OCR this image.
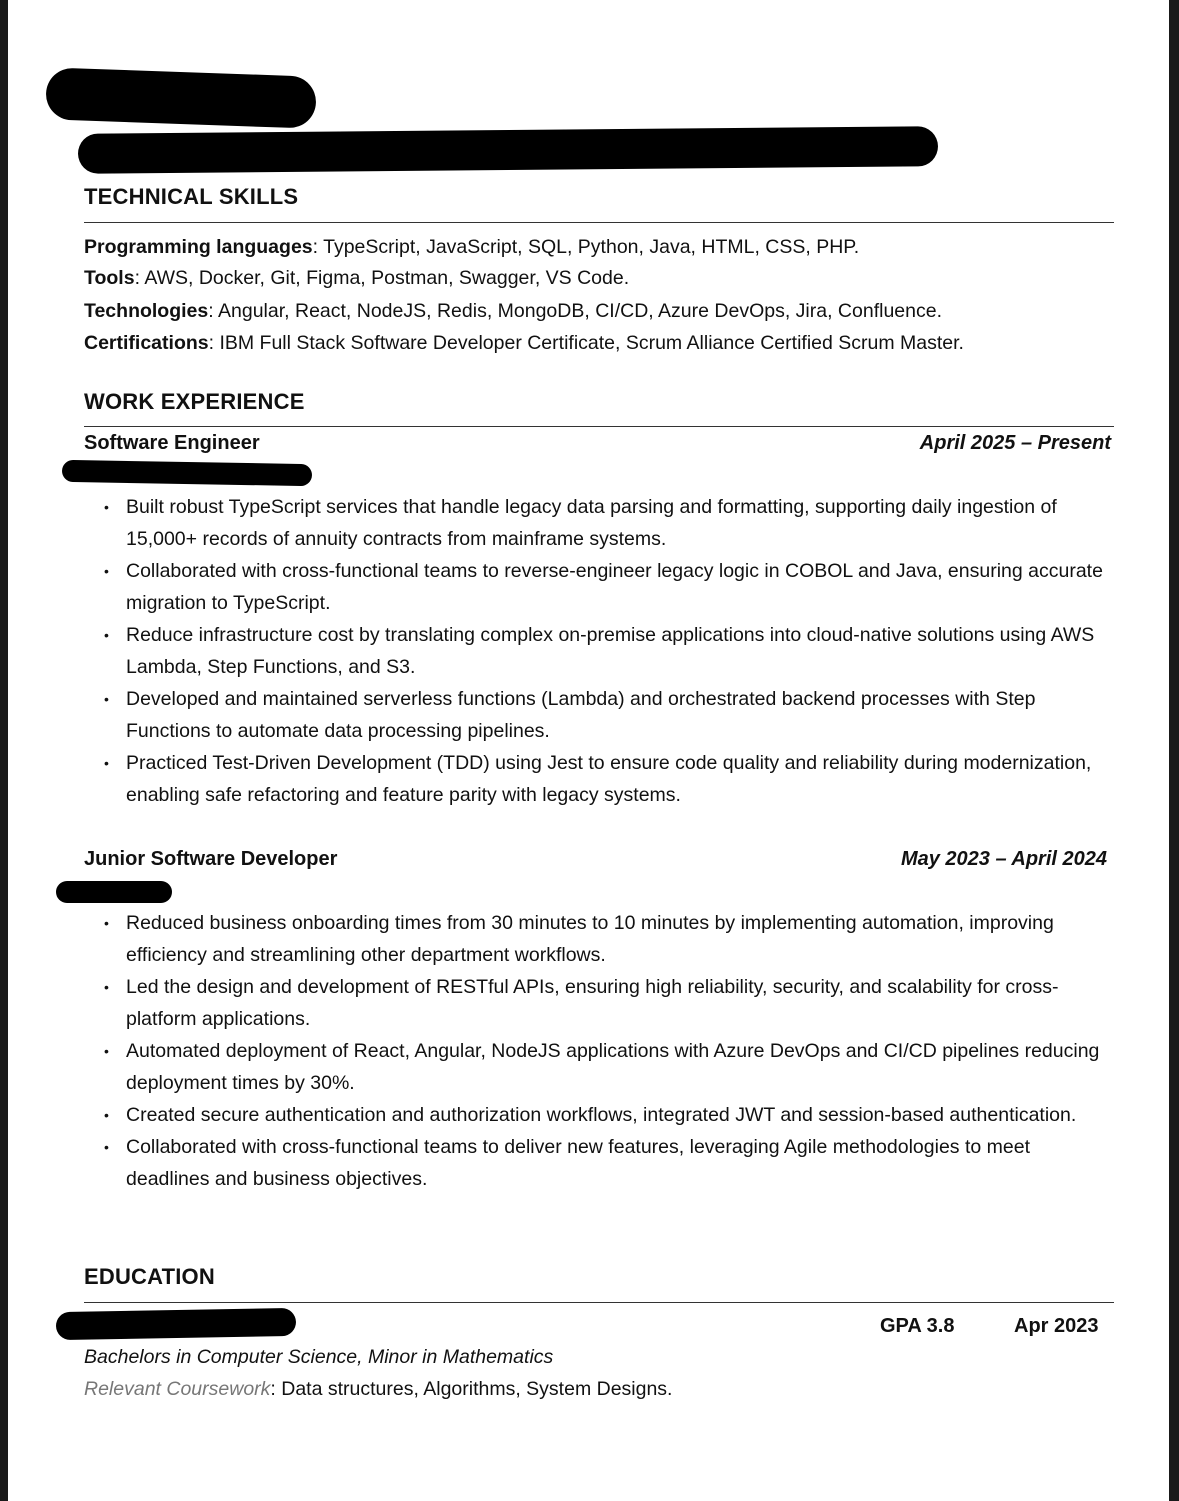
TECHNICAL SKILLS
Programming languages: TypeScript, JavaScript, SQL, Python, Java, HTML, CSS, PHP.
Tools: AWS, Docker, Git, Figma, Postman, Swagger, VS Code.
Technologies: Angular, React, NodeJS, Redis, MongoDB, CI/CD, Azure DevOps, Jira, Confluence.
Certifications: IBM Full Stack Software Developer Certificate, Scrum Alliance Certified Scrum Master.
WORK EXPERIENCE
Software Engineer	April 2025 – Present
• Built robust TypeScript services that handle legacy data parsing and formatting, supporting daily ingestion of 15,000+ records of annuity contracts from mainframe systems.
• Collaborated with cross-functional teams to reverse-engineer legacy logic in COBOL and Java, ensuring accurate migration to TypeScript.
• Reduce infrastructure cost by translating complex on-premise applications into cloud-native solutions using AWS Lambda, Step Functions, and S3.
• Developed and maintained serverless functions (Lambda) and orchestrated backend processes with Step Functions to automate data processing pipelines.
• Practiced Test-Driven Development (TDD) using Jest to ensure code quality and reliability during modernization, enabling safe refactoring and feature parity with legacy systems.
Junior Software Developer	May 2023 – April 2024
• Reduced business onboarding times from 30 minutes to 10 minutes by implementing automation, improving efficiency and streamlining other department workflows.
• Led the design and development of RESTful APIs, ensuring high reliability, security, and scalability for cross-platform applications.
• Automated deployment of React, Angular, NodeJS applications with Azure DevOps and CI/CD pipelines reducing deployment times by 30%.
• Created secure authentication and authorization workflows, integrated JWT and session-based authentication.
• Collaborated with cross-functional teams to deliver new features, leveraging Agile methodologies to meet deadlines and business objectives.
EDUCATION
GPA 3.8	Apr 2023
Bachelors in Computer Science, Minor in Mathematics
Relevant Coursework: Data structures, Algorithms, System Designs.
